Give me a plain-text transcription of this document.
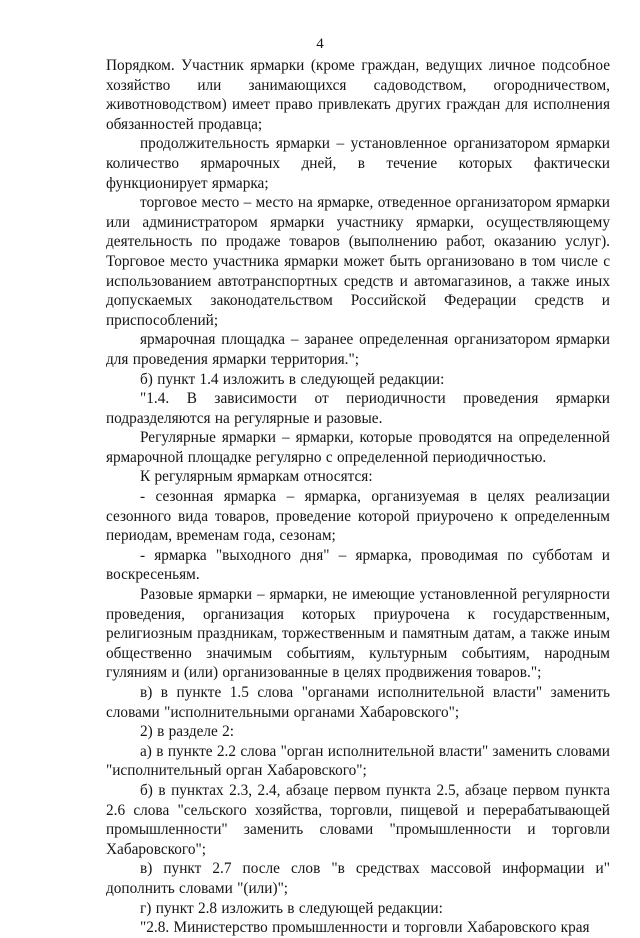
4

Порядком. Участник ярмарки (кроме граждан, ведущих личное подсобное хозяйство или занимающихся садоводством, огородничеством, животноводством) имеет право привлекать других граждан для исполнения обязанностей продавца;

продолжительность ярмарки – установленное организатором ярмарки количество ярмарочных дней, в течение которых фактически функционирует ярмарка;

торговое место – место на ярмарке, отведенное организатором ярмарки или администратором ярмарки участнику ярмарки, осуществляющему деятельность по продаже товаров (выполнению работ, оказанию услуг). Торговое место участника ярмарки может быть организовано в том числе с использованием автотранспортных средств и автомагазинов, а также иных допускаемых законодательством Российской Федерации средств и приспособлений;

ярмарочная площадка – заранее определенная организатором ярмарки для проведения ярмарки территория.";

б) пункт 1.4 изложить в следующей редакции:

"1.4. В зависимости от периодичности проведения ярмарки подразделяются на регулярные и разовые.

Регулярные ярмарки – ярмарки, которые проводятся на определенной ярмарочной площадке регулярно с определенной периодичностью.

К регулярным ярмаркам относятся:

- сезонная ярмарка – ярмарка, организуемая в целях реализации сезонного вида товаров, проведение которой приурочено к определенным периодам, временам года, сезонам;

- ярмарка "выходного дня" – ярмарка, проводимая по субботам и воскресеньям.

Разовые ярмарки – ярмарки, не имеющие установленной регулярности проведения, организация которых приурочена к государственным, религиозным праздникам, торжественным и памятным датам, а также иным общественно значимым событиям, культурным событиям, народным гуляниям и (или) организованные в целях продвижения товаров.";

в) в пункте 1.5 слова "органами исполнительной власти" заменить словами "исполнительными органами Хабаровского";

2) в разделе 2:

а) в пункте 2.2 слова "орган исполнительной власти" заменить словами "исполнительный орган Хабаровского";

б) в пунктах 2.3, 2.4, абзаце первом пункта 2.5, абзаце первом пункта 2.6 слова "сельского хозяйства, торговли, пищевой и перерабатывающей промышленности" заменить словами "промышленности и торговли Хабаровского";

в) пункт 2.7 после слов "в средствах массовой информации и" дополнить словами "(или)";

г) пункт 2.8 изложить в следующей редакции:

"2.8. Министерство промышленности и торговли Хабаровского края
